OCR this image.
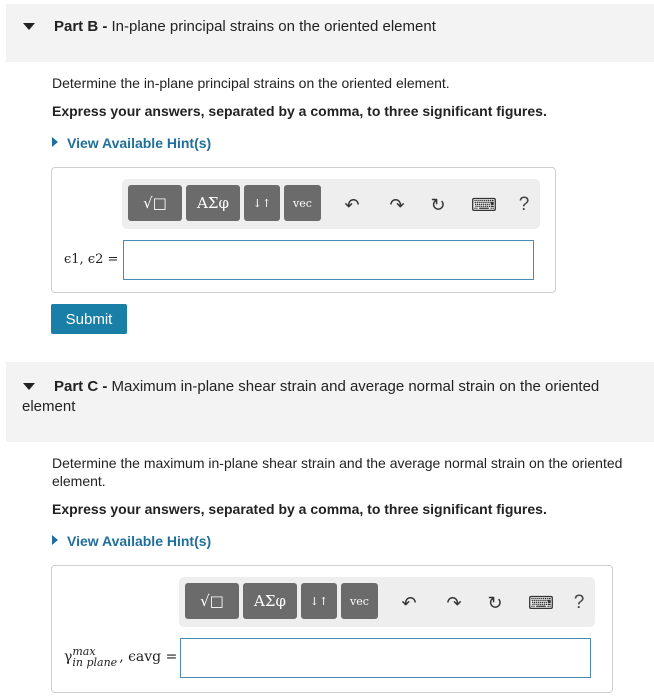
Part B - In-plane principal strains on the oriented element
Determine the in-plane principal strains on the oriented element.
Express your answers, separated by a comma, to three significant figures.
View Available Hint(s)
√□ ΑΣφ ↓↑ vec ↶ ↷ ↻ ⌨	?
ϵ1, ϵ2 =
Submit
Part C - Maximum in-plane shear strain and average normal strain on the oriented
element
Determine the maximum in-plane shear strain and the average normal strain on the oriented element.
Express your answers, separated by a comma, to three significant figures.
View Available Hint(s)
√□ ΑΣφ ↓↑ vec ↶ ↷ ↻ ⌨	?
γ max
in plane , ϵavg =
